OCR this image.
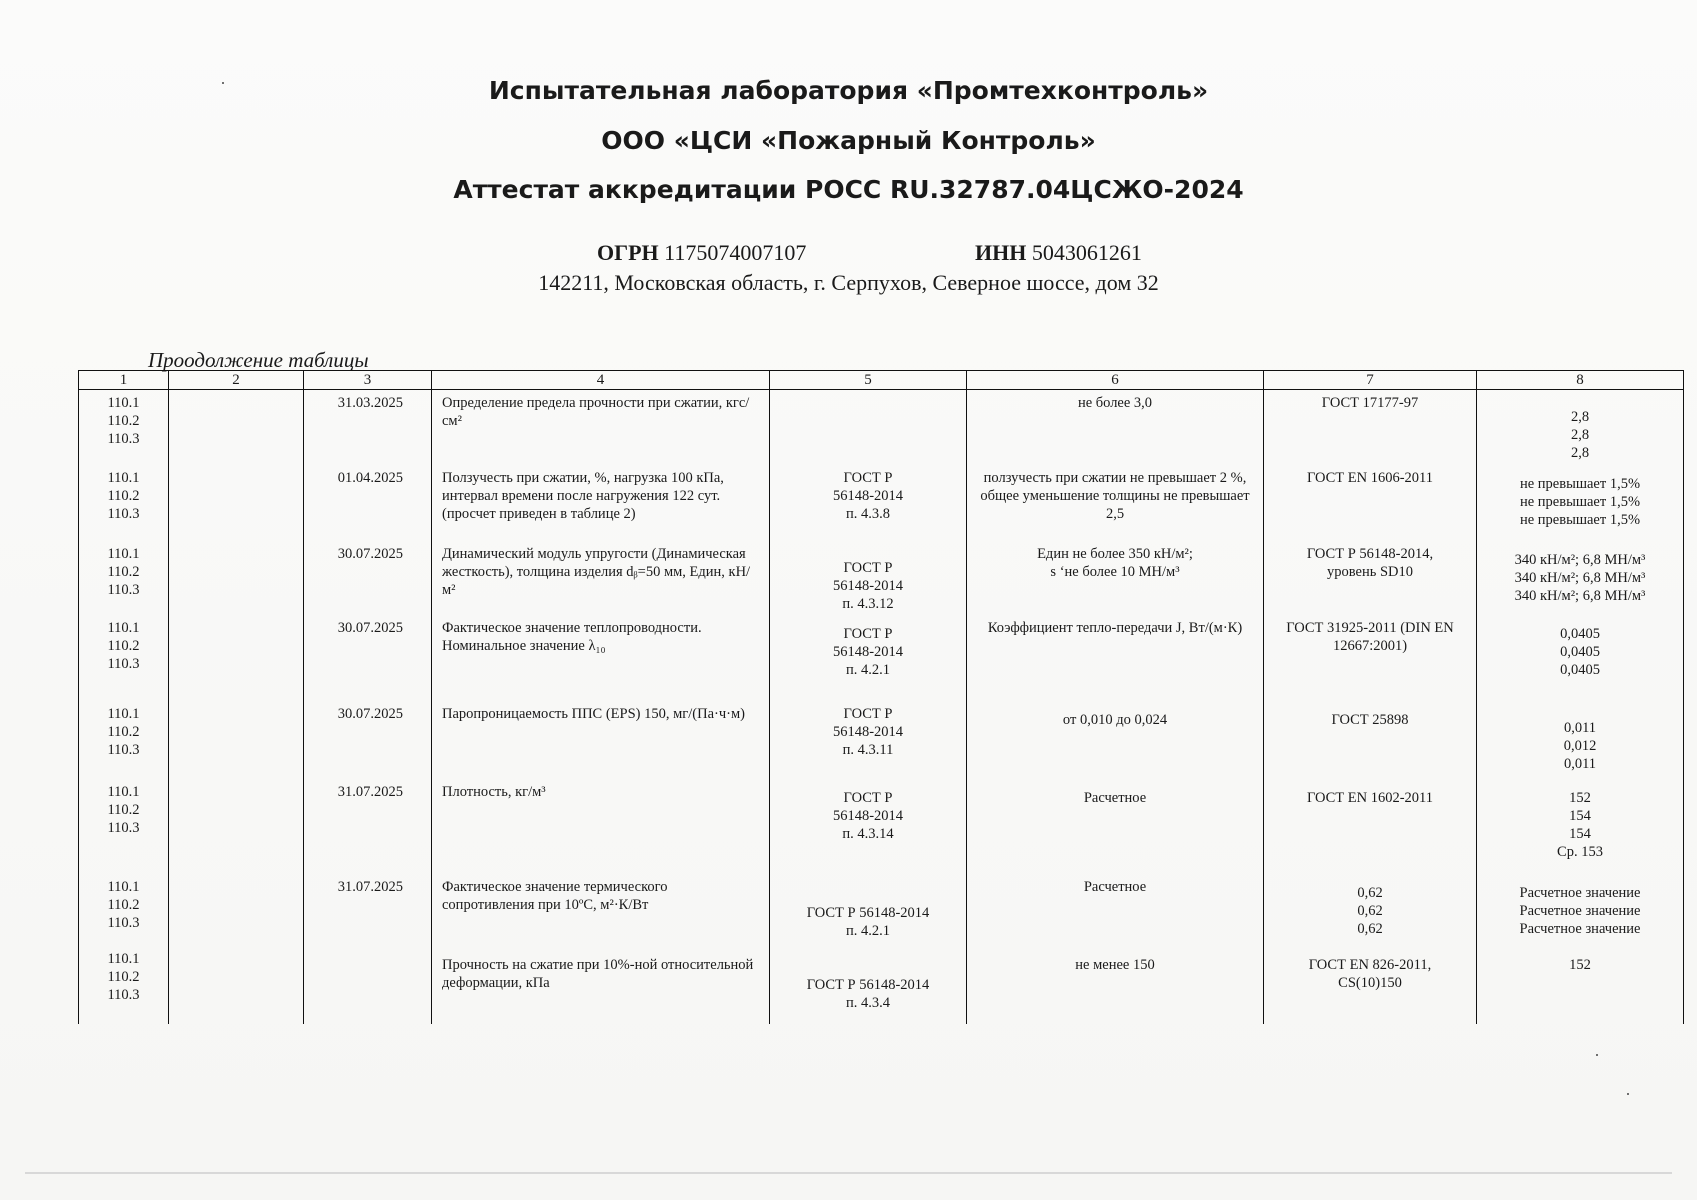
Испытательная лаборатория «Промтехконтроль»
ООО «ЦСИ «Пожарный Контроль»
Аттестат аккредитации РОСС RU.32787.04ЦСЖО-2024
ОГРН 1175074007107	ИНН 5043061261
142211, Московская область, г. Серпухов, Северное шоссе, дом 32
Проодолжение таблицы
1	2	3	4	5	6	7	8

110.1
110.2
110.3		31.03.2025	Определение предела прочности при сжатии, кгс/см²		не более 3,0	ГОСТ 17177-97	2,8
2,8
2,8

110.1
110.2
110.3		01.04.2025	Ползучесть при сжатии, %, нагрузка 100 кПа, интервал времени после нагружения 122 сут. (просчет приведен в таблице 2)	ГОСТ Р
56148-2014
п. 4.3.8	ползучесть при сжатии не превышает 2 %, общее уменьшение толщины не превышает 2,5	ГОСТ EN 1606-2011	не превышает 1,5%
не превышает 1,5%
не превышает 1,5%

110.1
110.2
110.3		30.07.2025	Динамический модуль упругости (Динамическая жесткость), толщина изделия dᵦ=50 мм, Един, кН/м²	ГОСТ Р
56148-2014
п. 4.3.12	Един не более 350 кН/м²;
s ‘не более 10 МН/м³	ГОСТ Р 56148-2014,
уровень SD10	340 кН/м²; 6,8 МН/м³
340 кН/м²; 6,8 МН/м³
340 кН/м²; 6,8 МН/м³

110.1
110.2
110.3		30.07.2025	Фактическое значение теплопроводности. Номинальное значение λ₁₀	ГОСТ Р
56148-2014
п. 4.2.1	Коэффициент тепло-передачи J, Вт/(м·К)	ГОСТ 31925-2011 (DIN EN
12667:2001)	0,0405
0,0405
0,0405

110.1
110.2
110.3		30.07.2025	Паропроницаемость ППС (EPS) 150, мг/(Па·ч·м)	ГОСТ Р
56148-2014
п. 4.3.11	от 0,010 до 0,024	ГОСТ 25898	0,011
0,012
0,011

110.1
110.2
110.3		31.07.2025	Плотность, кг/м³	ГОСТ Р
56148-2014
п. 4.3.14	Расчетное	ГОСТ EN 1602-2011	152
154
154
Ср. 153

110.1
110.2
110.3		31.07.2025	Фактическое значение термического сопротивления при 10ºС, м²·К/Вт	ГОСТ Р 56148-2014
п. 4.2.1	Расчетное	0,62
0,62
0,62	Расчетное значение
Расчетное значение
Расчетное значение

110.1
110.2
110.3			Прочность на сжатие при 10%-ной относительной деформации, кПа	ГОСТ Р 56148-2014
п. 4.3.4	не менее 150	ГОСТ EN 826-2011,
CS(10)150	152
